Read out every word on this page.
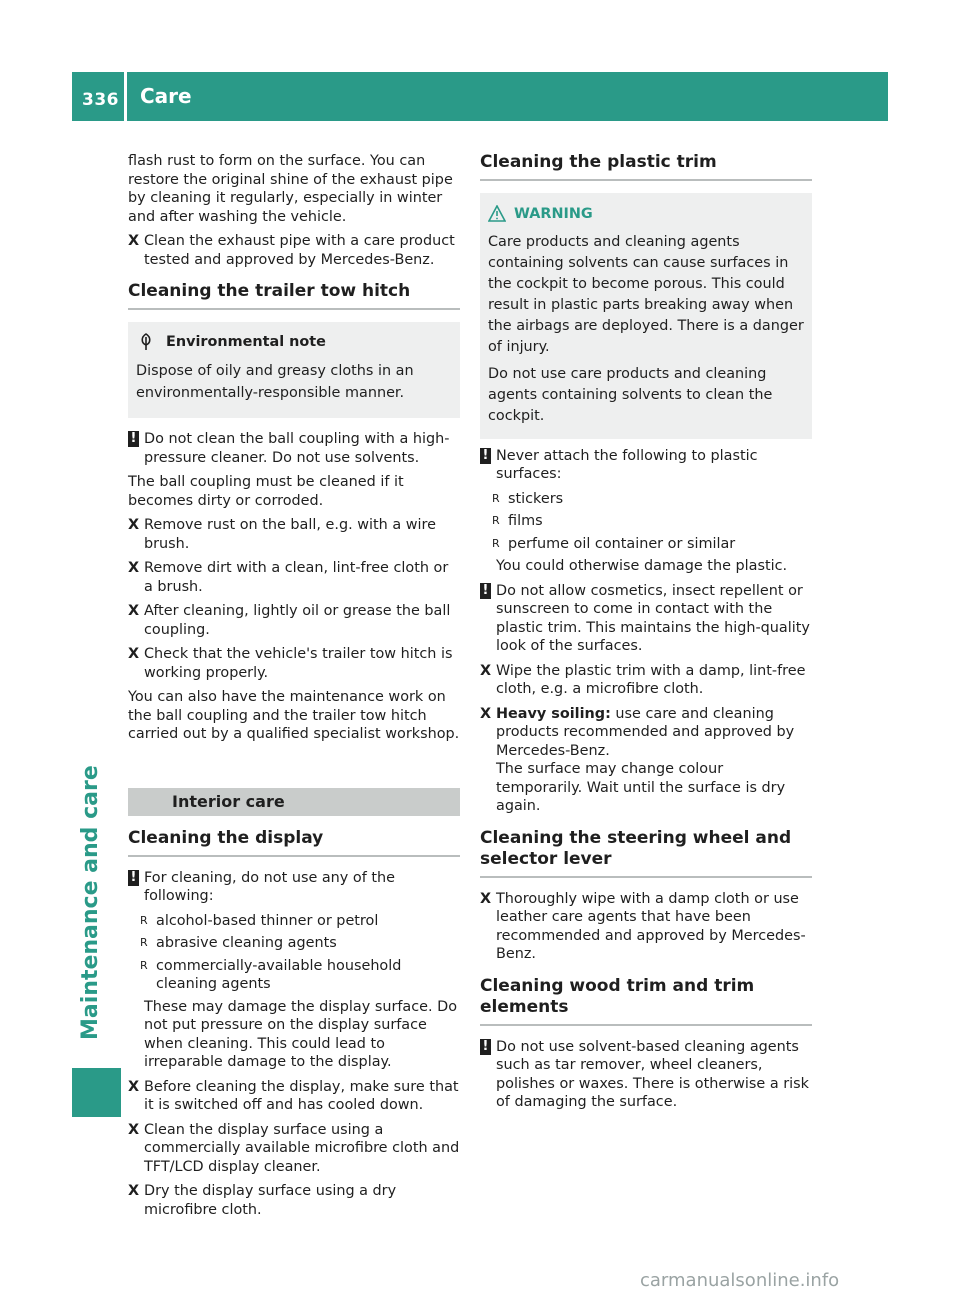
336 Care
Maintenance and care

flash rust to form on the surface. You can restore the original shine of the exhaust pipe by cleaning it regularly, especially in winter and after washing the vehicle.

X Clean the exhaust pipe with a care product tested and approved by Mercedes-Benz.
Cleaning the trailer tow hitch
Environmental note

Dispose of oily and greasy cloths in an environmentally-responsible manner.

! Do not clean the ball coupling with a high-pressure cleaner. Do not use solvents.

The ball coupling must be cleaned if it becomes dirty or corroded.

X Remove rust on the ball, e.g. with a wire brush.
X Remove dirt with a clean, lint-free cloth or a brush.
X After cleaning, lightly oil or grease the ball coupling.
X Check that the vehicle's trailer tow hitch is working properly.

You can also have the maintenance work on the ball coupling and the trailer tow hitch carried out by a qualified specialist workshop.

Interior care
Cleaning the display
! For cleaning, do not use any of the following:
R alcohol-based thinner or petrol
R abrasive cleaning agents
R commercially-available household cleaning agents

These may damage the display surface. Do not put pressure on the display surface when cleaning. This could lead to irreparable damage to the display.

X Before cleaning the display, make sure that it is switched off and has cooled down.
X Clean the display surface using a commercially available microfibre cloth and TFT/LCD display cleaner.
X Dry the display surface using a dry microfibre cloth.
Cleaning the plastic trim
WARNING

Care products and cleaning agents containing solvents can cause surfaces in the cockpit to become porous. This could result in plastic parts breaking away when the airbags are deployed. There is a danger of injury.

Do not use care products and cleaning agents containing solvents to clean the cockpit.

! Never attach the following to plastic surfaces:
R stickers
R films
R perfume oil container or similar

You could otherwise damage the plastic.

! Do not allow cosmetics, insect repellent or sunscreen to come in contact with the plastic trim. This maintains the high-quality look of the surfaces.
X Wipe the plastic trim with a damp, lint-free cloth, e.g. a microfibre cloth.
X Heavy soiling: use care and cleaning products recommended and approved by Mercedes-Benz.
The surface may change colour temporarily. Wait until the surface is dry again.
Cleaning the steering wheel and selector lever
X Thoroughly wipe with a damp cloth or use leather care agents that have been recommended and approved by Mercedes-Benz.
Cleaning wood trim and trim elements
! Do not use solvent-based cleaning agents such as tar remover, wheel cleaners, polishes or waxes. There is otherwise a risk of damaging the surface.
carmanualsonline.info
